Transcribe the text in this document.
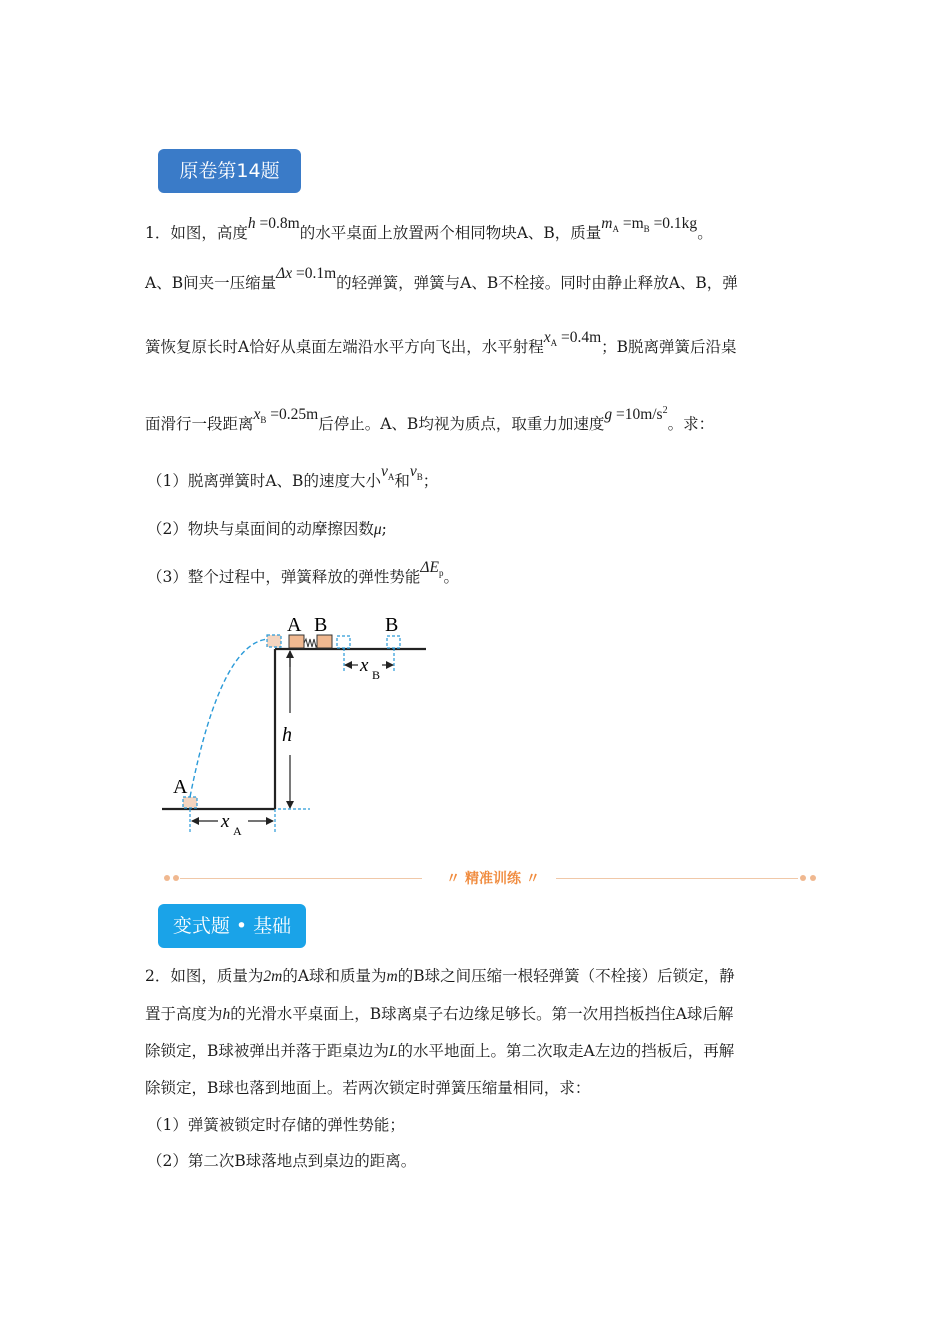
原卷第14题
1．如图，高度h =0.8m的水平桌面上放置两个相同物块A、B，质量$m_A =m_B =0.1kg$。
A、B间夹一压缩量Δx =0.1m的轻弹簧，弹簧与A、B不栓接。同时由静止释放A、B，弹
簧恢复原长时A恰好从桌面左端沿水平方向飞出，水平射程$x_A =0.4m$；B脱离弹簧后沿桌
面滑行一段距离$x_B =0.25m$后停止。A、B均视为质点，取重力加速度$g =10m/s^2$。求：
（1）脱离弹簧时A、B的速度大小$v_A$和$v_B$；
（2）物块与桌面间的动摩擦因数μ;
（3）整个过程中，弹簧释放的弹性势能$\Delta E_p$。
A B	B
A
h
x B
x A
〃 精准训练 〃
变式题 • 基础
2．如图，质量为2m的A球和质量为m的B球之间压缩一根轻弹簧（不栓接）后锁定，静
置于高度为h的光滑水平桌面上，B球离桌子右边缘足够长。第一次用挡板挡住A球后解
除锁定，B球被弹出并落于距桌边为L的水平地面上。第二次取走A左边的挡板后，再解
除锁定，B球也落到地面上。若两次锁定时弹簧压缩量相同，求：
（1）弹簧被锁定时存储的弹性势能；
（2）第二次B球落地点到桌边的距离。
